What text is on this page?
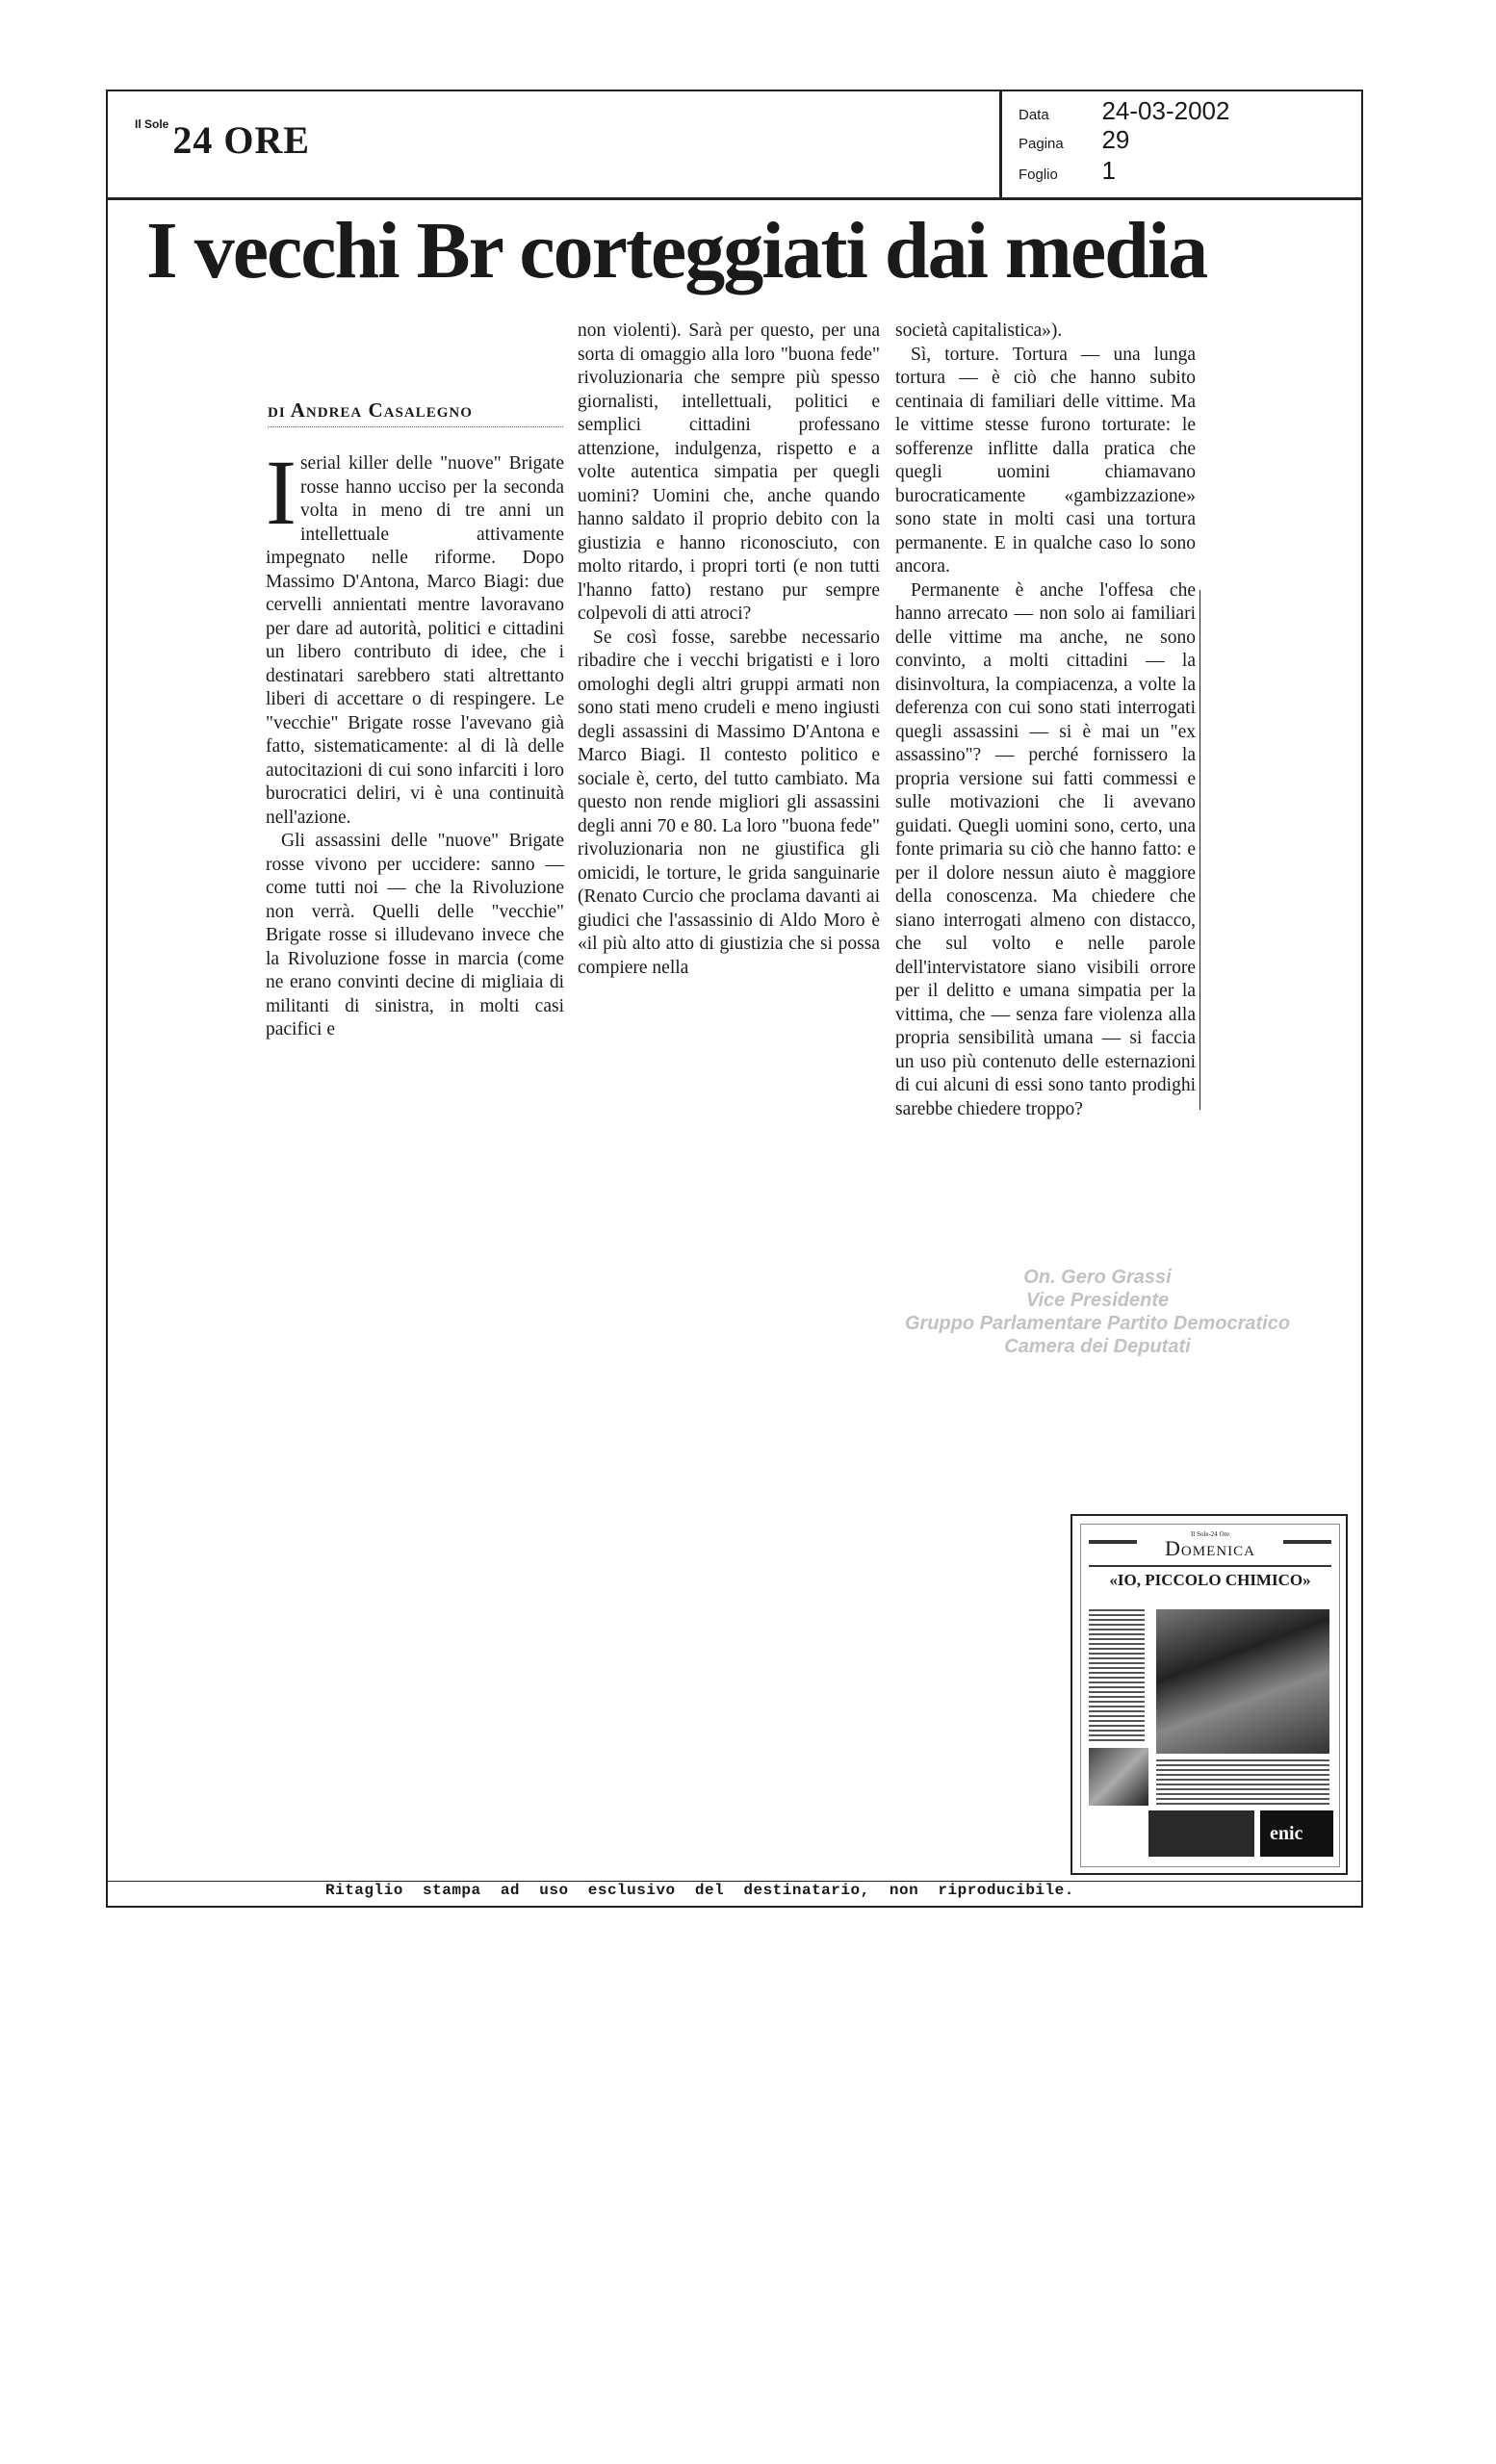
$^{Il Sole}$ 24 ORE
Data 24-03-2002
Pagina 29
Foglio 1
I vecchi Br corteggiati dai media
di Andrea Casalegno

Iserial killer delle "nuove" Brigate rosse hanno ucciso per la seconda volta in meno di tre anni un intellettuale attivamente impegnato nelle riforme. Dopo Massimo D'Antona, Marco Biagi: due cervelli annientati mentre lavoravano per dare ad autorità, politici e cittadini un libero contributo di idee, che i destinatari sarebbero stati altrettanto liberi di accettare o di respingere. Le "vecchie" Brigate rosse l'avevano già fatto, sistematicamente: al di là delle autocitazioni di cui sono infarciti i loro burocratici deliri, vi è una continuità nell'azione.

Gli assassini delle "nuove" Brigate rosse vivono per uccidere: sanno — come tutti noi — che la Rivoluzione non verrà. Quelli delle "vecchie" Brigate rosse si illudevano invece che la Rivoluzione fosse in marcia (come ne erano convinti decine di migliaia di militanti di sinistra, in molti casi pacifici e

non violenti). Sarà per questo, per una sorta di omaggio alla loro "buona fede" rivoluzionaria che sempre più spesso giornalisti, intellettuali, politici e semplici cittadini professano attenzione, indulgenza, rispetto e a volte autentica simpatia per quegli uomini? Uomini che, anche quando hanno saldato il proprio debito con la giustizia e hanno riconosciuto, con molto ritardo, i propri torti (e non tutti l'hanno fatto) restano pur sempre colpevoli di atti atroci?

Se così fosse, sarebbe necessario ribadire che i vecchi brigatisti e i loro omologhi degli altri gruppi armati non sono stati meno crudeli e meno ingiusti degli assassini di Massimo D'Antona e Marco Biagi. Il contesto politico e sociale è, certo, del tutto cambiato. Ma questo non rende migliori gli assassini degli anni 70 e 80. La loro "buona fede" rivoluzionaria non ne giustifica gli omicidi, le torture, le grida sanguinarie (Renato Curcio che proclama davanti ai giudici che l'assassinio di Aldo Moro è «il più alto atto di giustizia che si possa compiere nella

società capitalistica»).

Sì, torture. Tortura — una lunga tortura — è ciò che hanno subito centinaia di familiari delle vittime. Ma le vittime stesse furono torturate: le sofferenze inflitte dalla pratica che quegli uomini chiamavano burocraticamente «gambizzazione» sono state in molti casi una tortura permanente. E in qualche caso lo sono ancora.

Permanente è anche l'offesa che hanno arrecato — non solo ai familiari delle vittime ma anche, ne sono convinto, a molti cittadini — la disinvoltura, la compiacenza, a volte la deferenza con cui sono stati interrogati quegli assassini — si è mai un "ex assassino"? — perché fornissero la propria versione sui fatti commessi e sulle motivazioni che li avevano guidati. Quegli uomini sono, certo, una fonte primaria su ciò che hanno fatto: e per il dolore nessun aiuto è maggiore della conoscenza. Ma chiedere che siano interrogati almeno con distacco, che sul volto e nelle parole dell'intervistatore siano visibili orrore per il delitto e umana simpatia per la vittima, che — senza fare violenza alla propria sensibilità umana — si faccia un uso più contenuto delle esternazioni di cui alcuni di essi sono tanto prodighi sarebbe chiedere troppo?

On. Gero Grassi
Vice Presidente
Gruppo Parlamentare Partito Democratico
Camera dei Deputati
Il Sole-24 Ore
Domenica
«IO, PICCOLO CHIMICO»
enic
Ritaglio  stampa  ad  uso  esclusivo  del  destinatario,  non  riproducibile.
